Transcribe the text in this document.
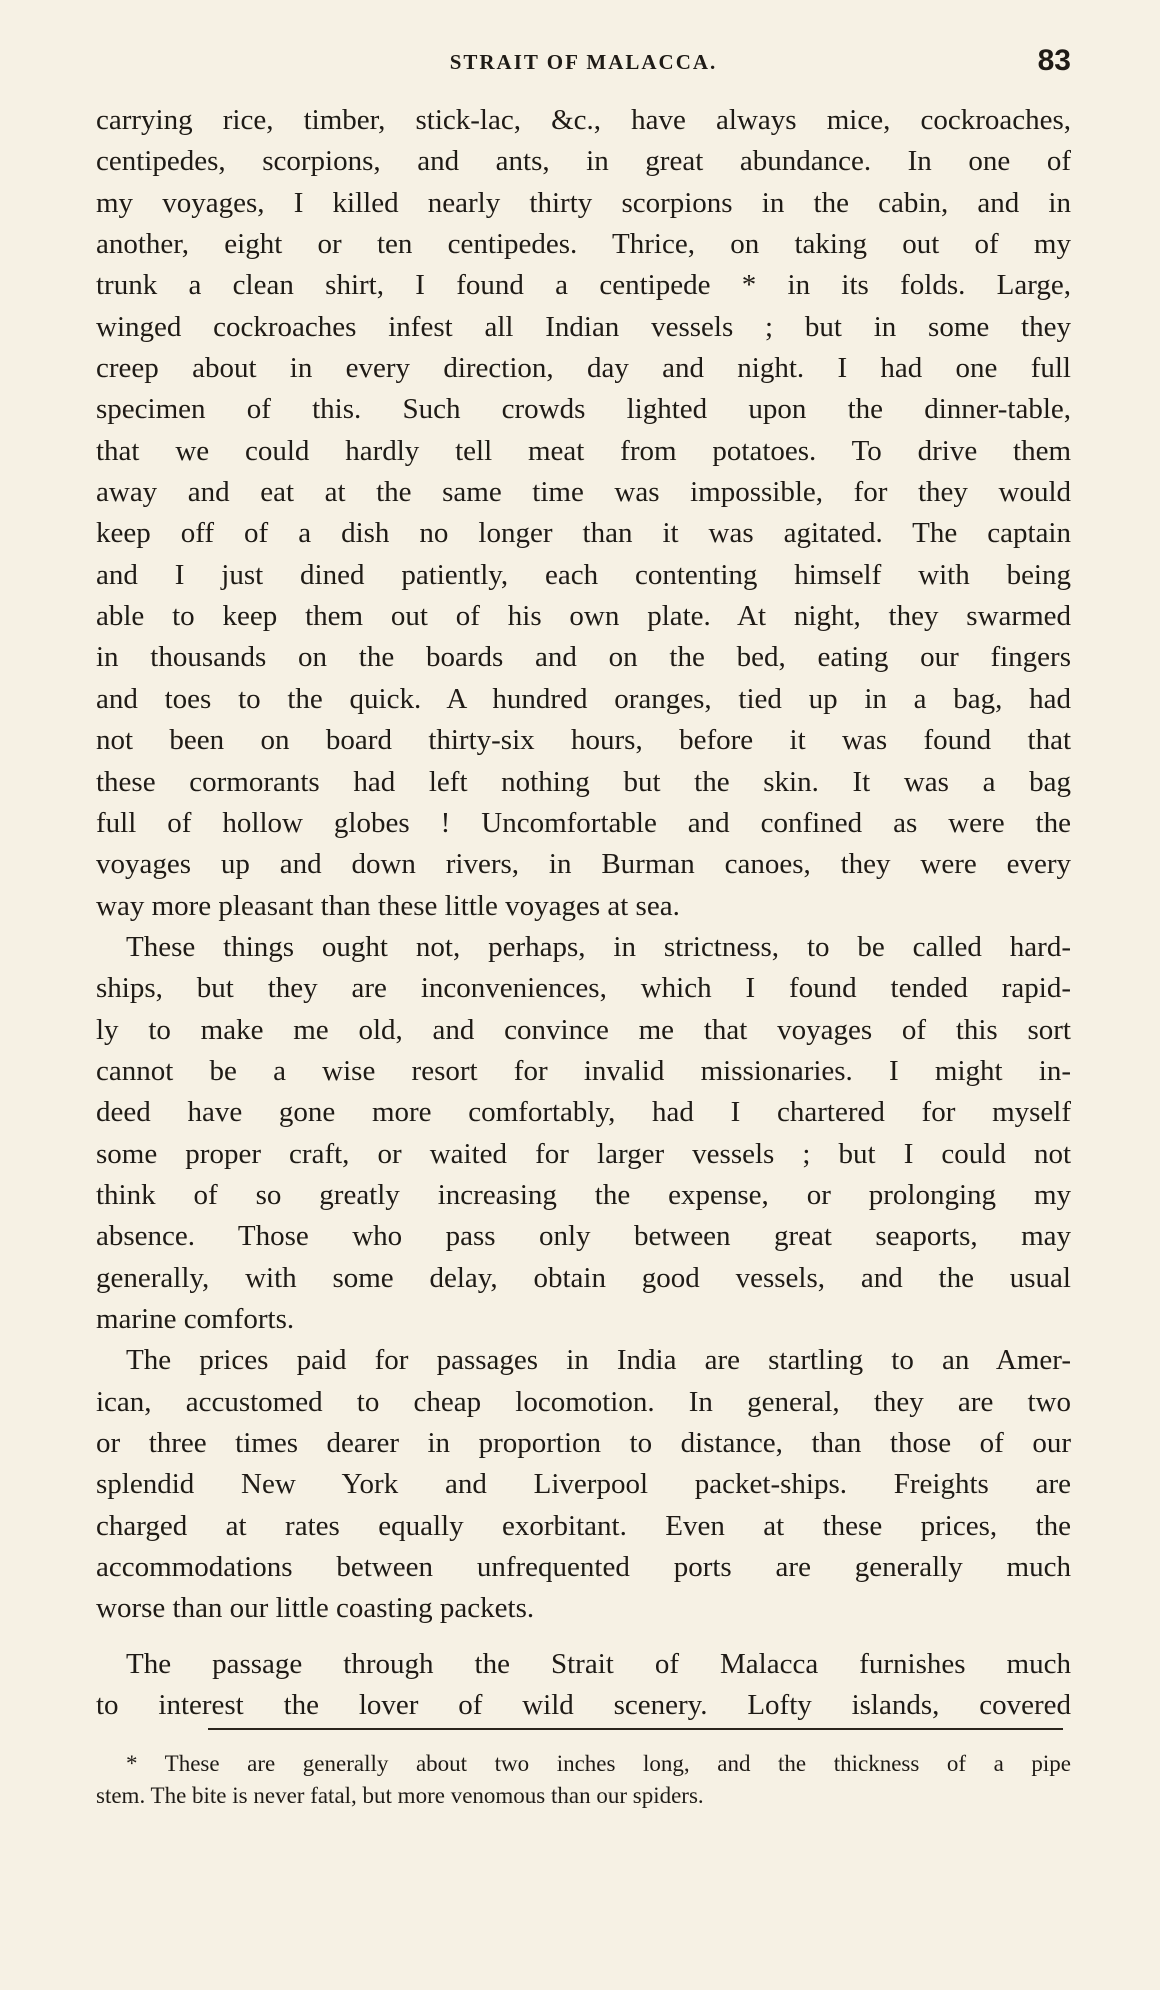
STRAIT OF MALACCA.	83
carrying rice, timber, stick-lac, &c., have always mice, cockroaches,
centipedes, scorpions, and ants, in great abundance. In one of
my voyages, I killed nearly thirty scorpions in the cabin, and in
another, eight or ten centipedes. Thrice, on taking out of my
trunk a clean shirt, I found a centipede * in its folds. Large,
winged cockroaches infest all Indian vessels ; but in some they
creep about in every direction, day and night. I had one full
specimen of this. Such crowds lighted upon the dinner-table,
that we could hardly tell meat from potatoes. To drive them
away and eat at the same time was impossible, for they would
keep off of a dish no longer than it was agitated. The captain
and I just dined patiently, each contenting himself with being
able to keep them out of his own plate. At night, they swarmed
in thousands on the boards and on the bed, eating our fingers
and toes to the quick. A hundred oranges, tied up in a bag, had
not been on board thirty-six hours, before it was found that
these cormorants had left nothing but the skin. It was a bag
full of hollow globes ! Uncomfortable and confined as were the
voyages up and down rivers, in Burman canoes, they were every
way more pleasant than these little voyages at sea.
These things ought not, perhaps, in strictness, to be called hard-
ships, but they are inconveniences, which I found tended rapid-
ly to make me old, and convince me that voyages of this sort
cannot be a wise resort for invalid missionaries. I might in-
deed have gone more comfortably, had I chartered for myself
some proper craft, or waited for larger vessels ; but I could not
think of so greatly increasing the expense, or prolonging my
absence. Those who pass only between great seaports, may
generally, with some delay, obtain good vessels, and the usual
marine comforts.
The prices paid for passages in India are startling to an Amer-
ican, accustomed to cheap locomotion. In general, they are two
or three times dearer in proportion to distance, than those of our
splendid New York and Liverpool packet-ships. Freights are
charged at rates equally exorbitant. Even at these prices, the
accommodations between unfrequented ports are generally much
worse than our little coasting packets.
The passage through the Strait of Malacca furnishes much
to interest the lover of wild scenery. Lofty islands, covered
* These are generally about two inches long, and the thickness of a pipe
stem. The bite is never fatal, but more venomous than our spiders.
